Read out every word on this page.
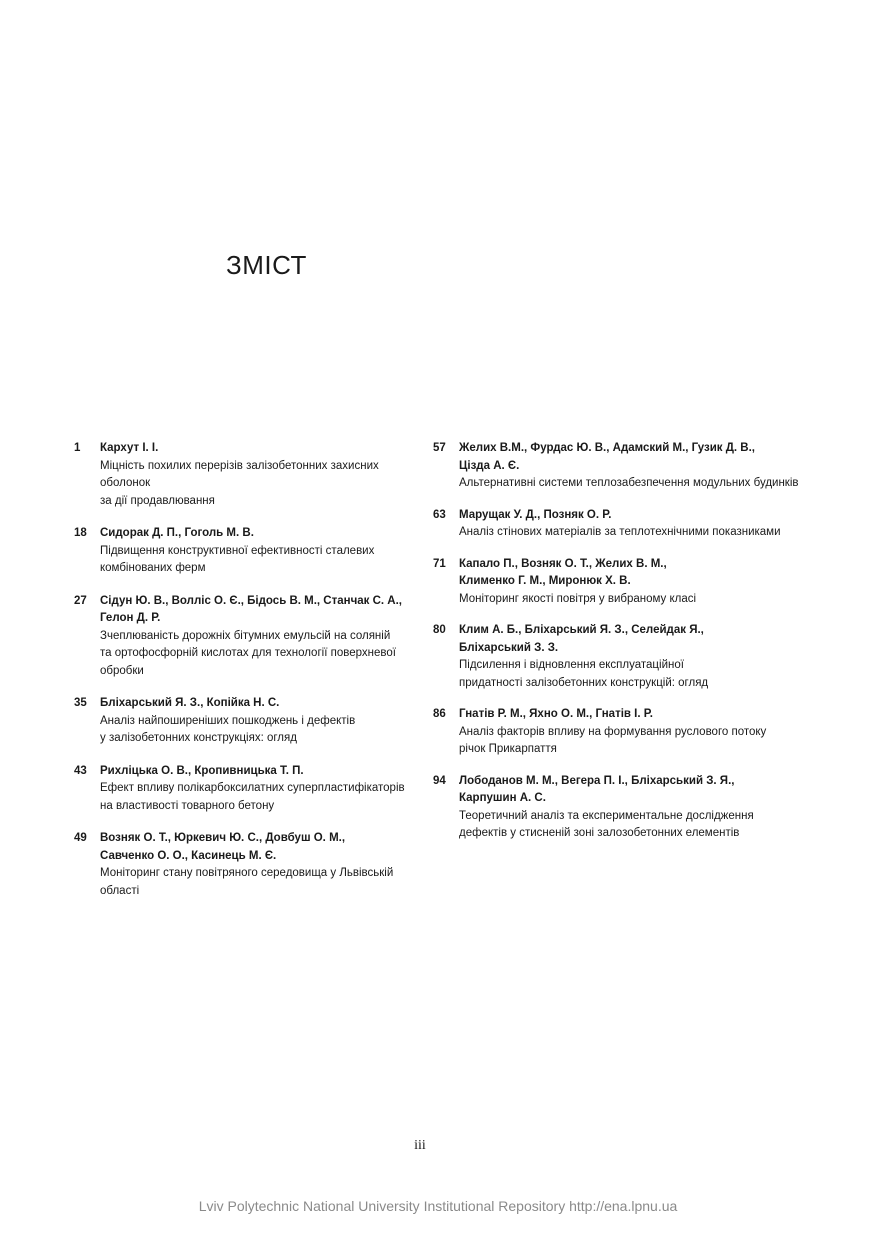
ЗМІСТ
1	Кархут І. І.
Міцність похилих перерізів залізобетонних захисних оболонок
за дії продавлювання
18	Сидорак Д. П., Гоголь М. В.
Підвищення конструктивної ефективності сталевих
комбінованих ферм
27	Сідун Ю. В., Волліс О. Є., Бідось В. М., Станчак С. А.,
Гелон Д. Р.
Зчеплюваність дорожніх бітумних емульсій на соляній
та ортофосфорній кислотах для технології поверхневої обробки
35	Бліхарський Я. З., Копійка Н. С.
Аналіз найпоширеніших пошкоджень і дефектів
у залізобетонних конструкціях: огляд
43	Рихліцька О. В., Кропивницька Т. П.
Ефект впливу полікарбоксилатних суперпластифікаторів
на властивості товарного бетону
49	Возняк О. Т., Юркевич Ю. С., Довбуш О. М.,
Савченко О. О., Касинець М. Є.
Моніторинг стану повітряного середовища у Львівській області
57	Желих В.М., Фурдас Ю. В., Адамский М., Гузик Д. В.,
Цізда А. Є.
Альтернативні системи теплозабезпечення модульних будинків
63	Марущак У. Д., Позняк О. Р.
Аналіз стінових матеріалів за теплотехнічними показниками
71	Капало П., Возняк О. Т., Желих В. М.,
Клименко Г. М., Миронюк Х. В.
Моніторинг якості повітря у вибраному класі
80	Клим А. Б., Бліхарський Я. З., Селейдак Я.,
Бліхарський З. З.
Підсилення і відновлення експлуатаційної
придатності залізобетонних конструкцій: огляд
86	Гнатів Р. М., Яхно О. М., Гнатів І. Р.
Аналіз факторів впливу на формування руслового потоку
річок Прикарпаття
94	Лободанов М. М., Вегера П. І., Бліхарський З. Я.,
Карпушин А. С.
Теоретичний аналіз та експериментальне дослідження
дефектів у стисненій зоні залозобетонних елементів
iii
Lviv Polytechnic National University Institutional Repository http://ena.lpnu.ua
